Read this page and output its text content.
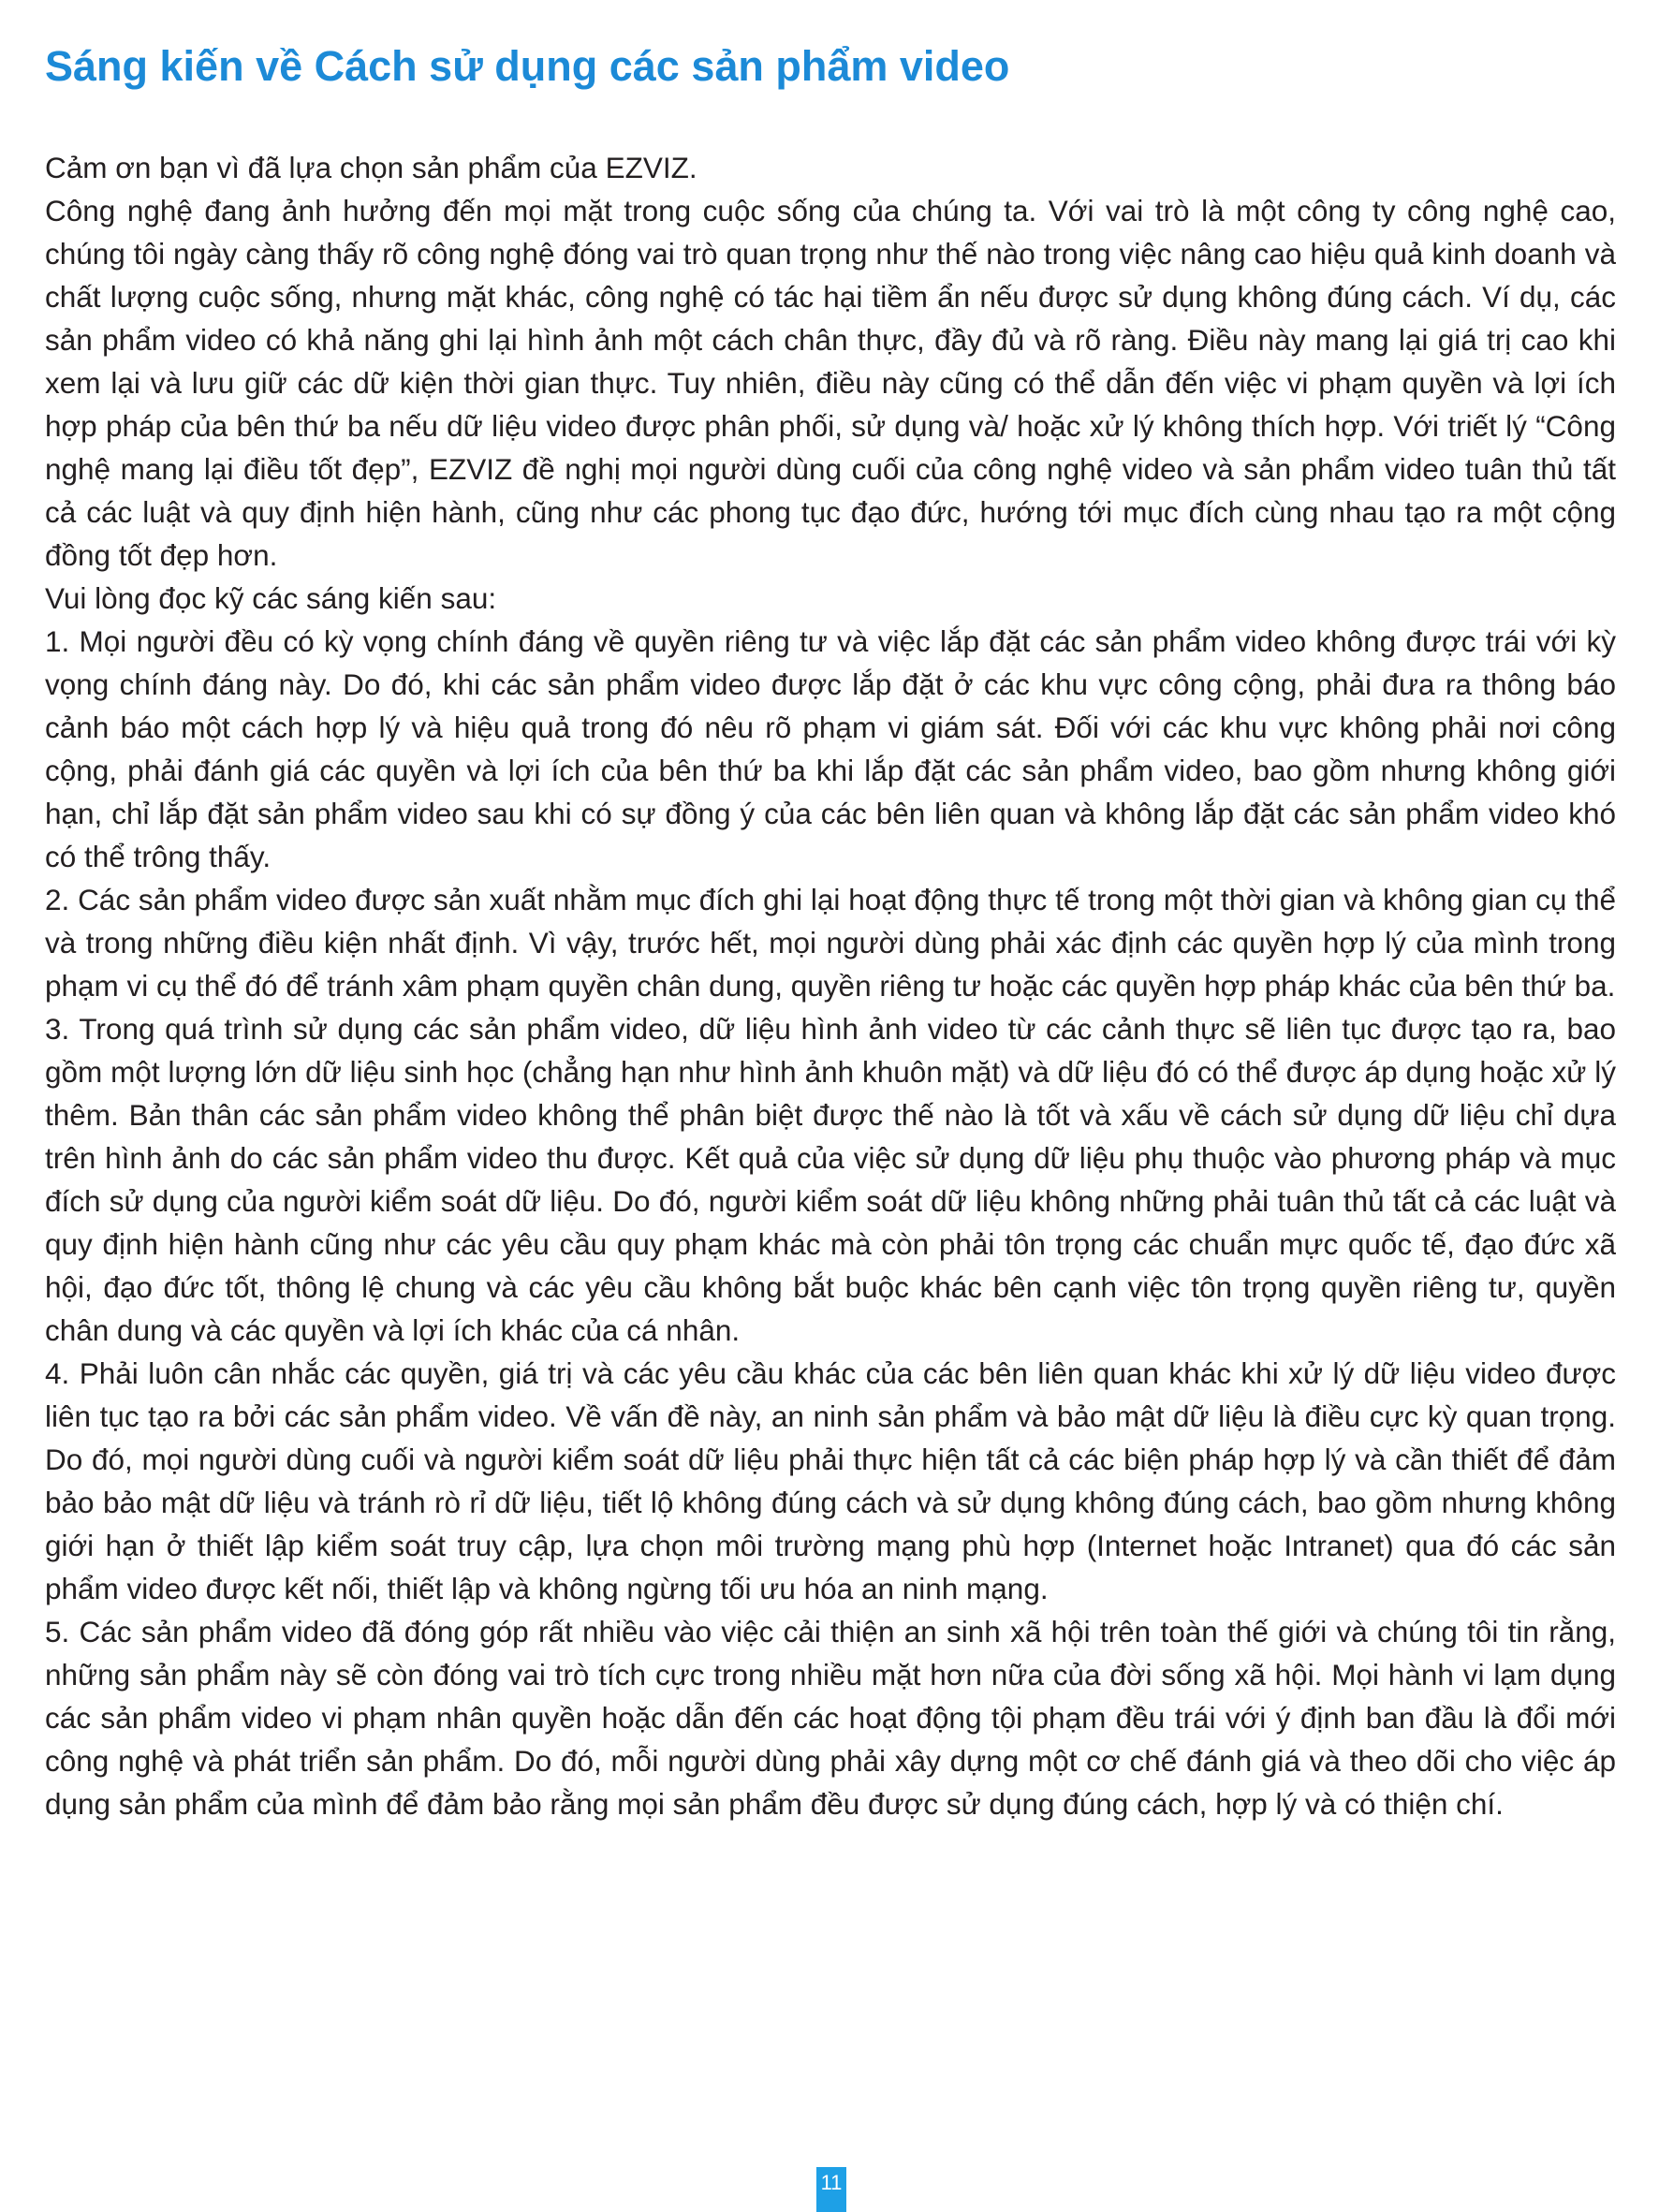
Sáng kiến về Cách sử dụng các sản phẩm video

Cảm ơn bạn vì đã lựa chọn sản phẩm của EZVIZ.

Công nghệ đang ảnh hưởng đến mọi mặt trong cuộc sống của chúng ta. Với vai trò là một công ty công nghệ cao, chúng tôi ngày càng thấy rõ công nghệ đóng vai trò quan trọng như thế nào trong việc nâng cao hiệu quả kinh doanh và chất lượng cuộc sống, nhưng mặt khác, công nghệ có tác hại tiềm ẩn nếu được sử dụng không đúng cách. Ví dụ, các sản phẩm video có khả năng ghi lại hình ảnh một cách chân thực, đầy đủ và rõ ràng. Điều này mang lại giá trị cao khi xem lại và lưu giữ các dữ kiện thời gian thực. Tuy nhiên, điều này cũng có thể dẫn đến việc vi phạm quyền và lợi ích hợp pháp của bên thứ ba nếu dữ liệu video được phân phối, sử dụng và/ hoặc xử lý không thích hợp. Với triết lý “Công nghệ mang lại điều tốt đẹp”, EZVIZ đề nghị mọi người dùng cuối của công nghệ video và sản phẩm video tuân thủ tất cả các luật và quy định hiện hành, cũng như các phong tục đạo đức, hướng tới mục đích cùng nhau tạo ra một cộng đồng tốt đẹp hơn.

Vui lòng đọc kỹ các sáng kiến sau:

1. Mọi người đều có kỳ vọng chính đáng về quyền riêng tư và việc lắp đặt các sản phẩm video không được trái với kỳ vọng chính đáng này. Do đó, khi các sản phẩm video được lắp đặt ở các khu vực công cộng, phải đưa ra thông báo cảnh báo một cách hợp lý và hiệu quả trong đó nêu rõ phạm vi giám sát. Đối với các khu vực không phải nơi công cộng, phải đánh giá các quyền và lợi ích của bên thứ ba khi lắp đặt các sản phẩm video, bao gồm nhưng không giới hạn, chỉ lắp đặt sản phẩm video sau khi có sự đồng ý của các bên liên quan và không lắp đặt các sản phẩm video khó có thể trông thấy.

2. Các sản phẩm video được sản xuất nhằm mục đích ghi lại hoạt động thực tế trong một thời gian và không gian cụ thể và trong những điều kiện nhất định. Vì vậy, trước hết, mọi người dùng phải xác định các quyền hợp lý của mình trong phạm vi cụ thể đó để tránh xâm phạm quyền chân dung, quyền riêng tư hoặc các quyền hợp pháp khác của bên thứ ba.

3. Trong quá trình sử dụng các sản phẩm video, dữ liệu hình ảnh video từ các cảnh thực sẽ liên tục được tạo ra, bao gồm một lượng lớn dữ liệu sinh học (chẳng hạn như hình ảnh khuôn mặt) và dữ liệu đó có thể được áp dụng hoặc xử lý thêm. Bản thân các sản phẩm video không thể phân biệt được thế nào là tốt và xấu về cách sử dụng dữ liệu chỉ dựa trên hình ảnh do các sản phẩm video thu được. Kết quả của việc sử dụng dữ liệu phụ thuộc vào phương pháp và mục đích sử dụng của người kiểm soát dữ liệu. Do đó, người kiểm soát dữ liệu không những phải tuân thủ tất cả các luật và quy định hiện hành cũng như các yêu cầu quy phạm khác mà còn phải tôn trọng các chuẩn mực quốc tế, đạo đức xã hội, đạo đức tốt, thông lệ chung và các yêu cầu không bắt buộc khác bên cạnh việc tôn trọng quyền riêng tư, quyền chân dung và các quyền và lợi ích khác của cá nhân.

4. Phải luôn cân nhắc các quyền, giá trị và các yêu cầu khác của các bên liên quan khác khi xử lý dữ liệu video được liên tục tạo ra bởi các sản phẩm video. Về vấn đề này, an ninh sản phẩm và bảo mật dữ liệu là điều cực kỳ quan trọng. Do đó, mọi người dùng cuối và người kiểm soát dữ liệu phải thực hiện tất cả các biện pháp hợp lý và cần thiết để đảm bảo bảo mật dữ liệu và tránh rò rỉ dữ liệu, tiết lộ không đúng cách và sử dụng không đúng cách, bao gồm nhưng không giới hạn ở thiết lập kiểm soát truy cập, lựa chọn môi trường mạng phù hợp (Internet hoặc Intranet) qua đó các sản phẩm video được kết nối, thiết lập và không ngừng tối ưu hóa an ninh mạng.

5. Các sản phẩm video đã đóng góp rất nhiều vào việc cải thiện an sinh xã hội trên toàn thế giới và chúng tôi tin rằng, những sản phẩm này sẽ còn đóng vai trò tích cực trong nhiều mặt hơn nữa của đời sống xã hội. Mọi hành vi lạm dụng các sản phẩm video vi phạm nhân quyền hoặc dẫn đến các hoạt động tội phạm đều trái với ý định ban đầu là đổi mới công nghệ và phát triển sản phẩm. Do đó, mỗi người dùng phải xây dựng một cơ chế đánh giá và theo dõi cho việc áp dụng sản phẩm của mình để đảm bảo rằng mọi sản phẩm đều được sử dụng đúng cách, hợp lý và có thiện chí.

11
